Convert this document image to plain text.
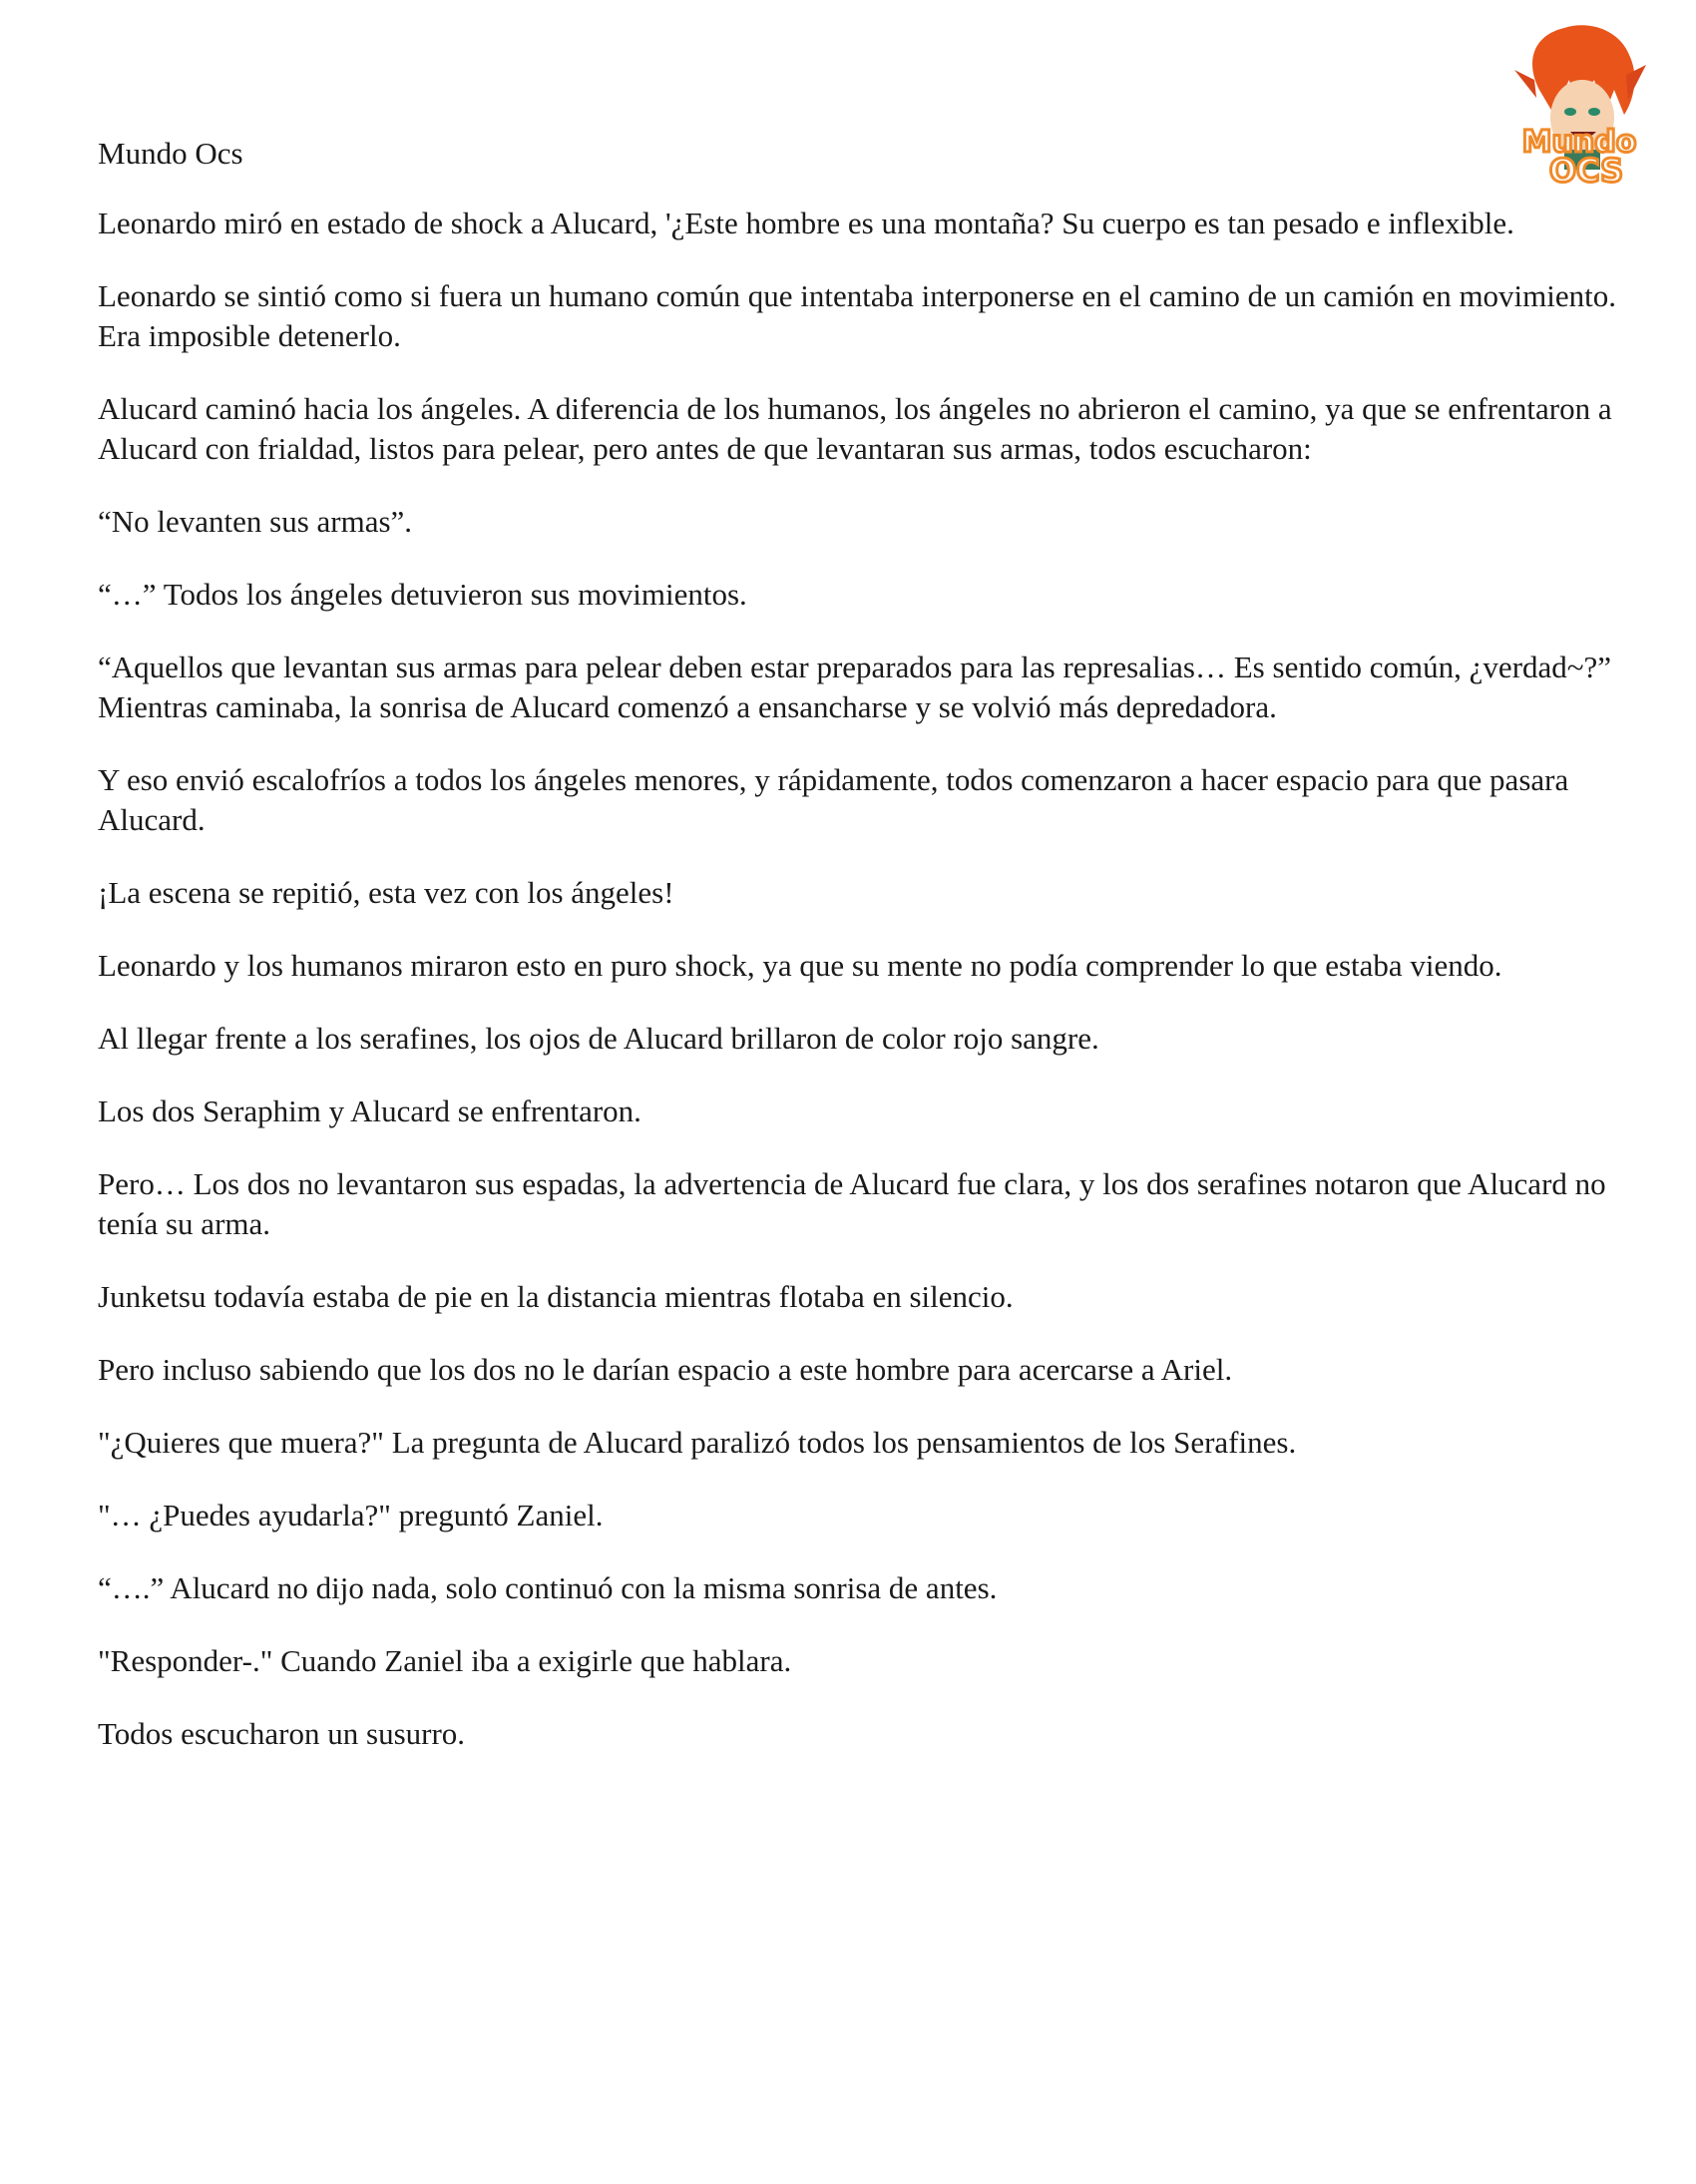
Mundo
OCS
Mundo Ocs

Leonardo miró en estado de shock a Alucard, '¿Este hombre es una montaña? Su cuerpo es tan pesado e inflexible.

Leonardo se sintió como si fuera un humano común que intentaba interponerse en el camino de un camión en movimiento. Era imposible detenerlo.

Alucard caminó hacia los ángeles. A diferencia de los humanos, los ángeles no abrieron el camino, ya que se enfrentaron a Alucard con frialdad, listos para pelear, pero antes de que levantaran sus armas, todos escucharon:

“No levanten sus armas”.

“…” Todos los ángeles detuvieron sus movimientos.

“Aquellos que levantan sus armas para pelear deben estar preparados para las represalias… Es sentido común, ¿verdad~?” Mientras caminaba, la sonrisa de Alucard comenzó a ensancharse y se volvió más depredadora.

Y eso envió escalofríos a todos los ángeles menores, y rápidamente, todos comenzaron a hacer espacio para que pasara Alucard.

¡La escena se repitió, esta vez con los ángeles!

Leonardo y los humanos miraron esto en puro shock, ya que su mente no podía comprender lo que estaba viendo.

Al llegar frente a los serafines, los ojos de Alucard brillaron de color rojo sangre.

Los dos Seraphim y Alucard se enfrentaron.

Pero… Los dos no levantaron sus espadas, la advertencia de Alucard fue clara, y los dos serafines notaron que Alucard no tenía su arma.

Junketsu todavía estaba de pie en la distancia mientras flotaba en silencio.

Pero incluso sabiendo que los dos no le darían espacio a este hombre para acercarse a Ariel.

"¿Quieres que muera?" La pregunta de Alucard paralizó todos los pensamientos de los Serafines.

"… ¿Puedes ayudarla?" preguntó Zaniel.

“….” Alucard no dijo nada, solo continuó con la misma sonrisa de antes.

"Responder-." Cuando Zaniel iba a exigirle que hablara.

Todos escucharon un susurro.
